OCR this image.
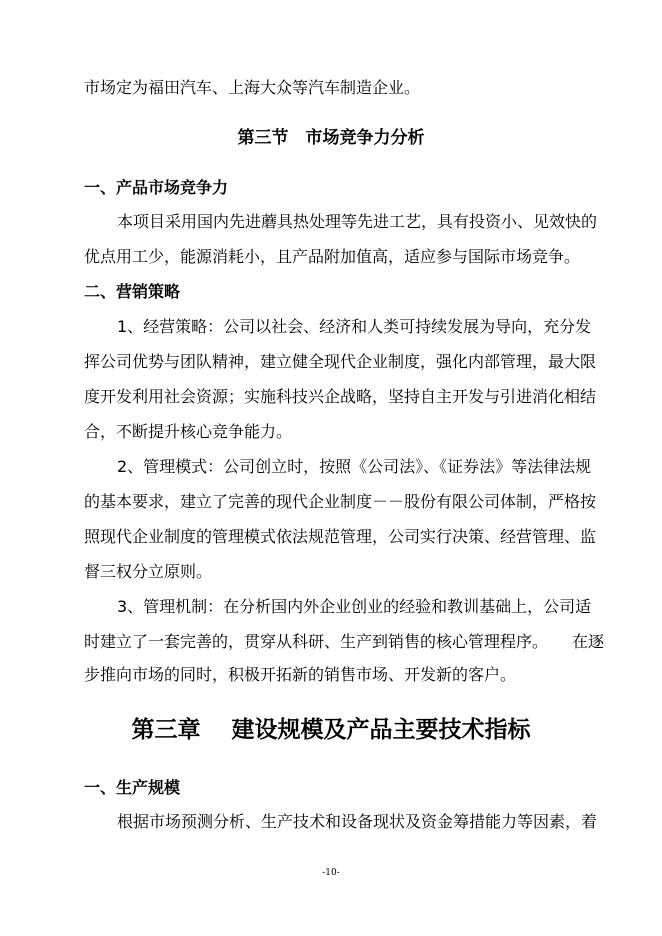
市场定为福田汽车、上海大众等汽车制造企业。

第三节　市场竞争力分析

一、产品市场竞争力

本项目采用国内先进蘑具热处理等先进工艺，具有投资小、见效快的

优点用工少，能源消耗小，且产品附加值高，适应参与国际市场竞争。

二、营销策略

1、经营策略：公司以社会、经济和人类可持续发展为导向，充分发

挥公司优势与团队精神，建立健全现代企业制度，强化内部管理，最大限

度开发利用社会资源；实施科技兴企战略，坚持自主开发与引进消化相结

合，不断提升核心竞争能力。

2、管理模式：公司创立时，按照《公司法》、《证券法》等法律法规

的基本要求，建立了完善的现代企业制度－－股份有限公司体制，严格按

照现代企业制度的管理模式依法规范管理，公司实行决策、经营管理、监

督三权分立原则。

3、管理机制：在分析国内外企业创业的经验和教训基础上，公司适

时建立了一套完善的，贯穿从科研、生产到销售的核心管理程序。　　在逐

步推向市场的同时，积极开拓新的销售市场、开发新的客户。

第三章　 建设规模及产品主要技术指标

一、生产规模

根据市场预测分析、生产技术和设备现状及资金筹措能力等因素，着

-10-
